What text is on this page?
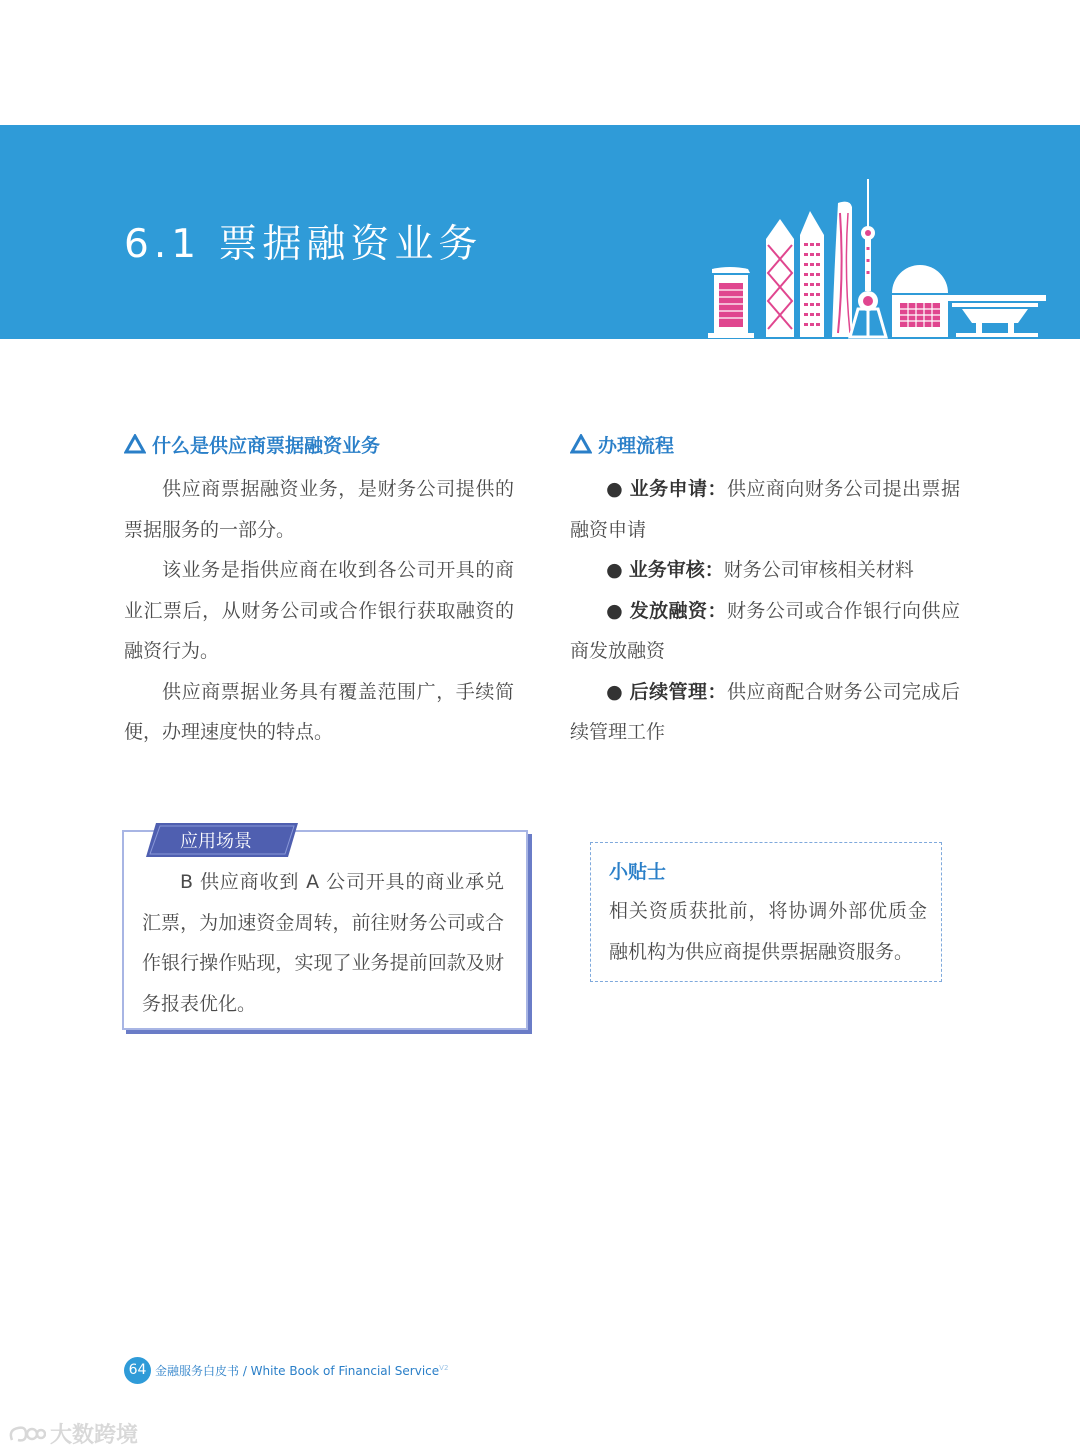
6.1 票据融资业务
什么是供应商票据融资业务

供应商票据融资业务，是财务公司提供的票据服务的一部分。

该业务是指供应商在收到各公司开具的商业汇票后，从财务公司或合作银行获取融资的融资行为。

供应商票据业务具有覆盖范围广，手续简便，办理速度快的特点。

办理流程

● 业务申请：供应商向财务公司提出票据融资申请

● 业务审核：财务公司审核相关材料

● 发放融资：财务公司或合作银行向供应商发放融资

● 后续管理：供应商配合财务公司完成后续管理工作

应用场景

B 供应商收到 A 公司开具的商业承兑汇票，为加速资金周转，前往财务公司或合作银行操作贴现，实现了业务提前回款及财务报表优化。

小贴士

相关资质获批前，将协调外部优质金融机构为供应商提供票据融资服务。

64 金融服务白皮书 / White Book of Financial Service$^{V2}$
大数跨境
